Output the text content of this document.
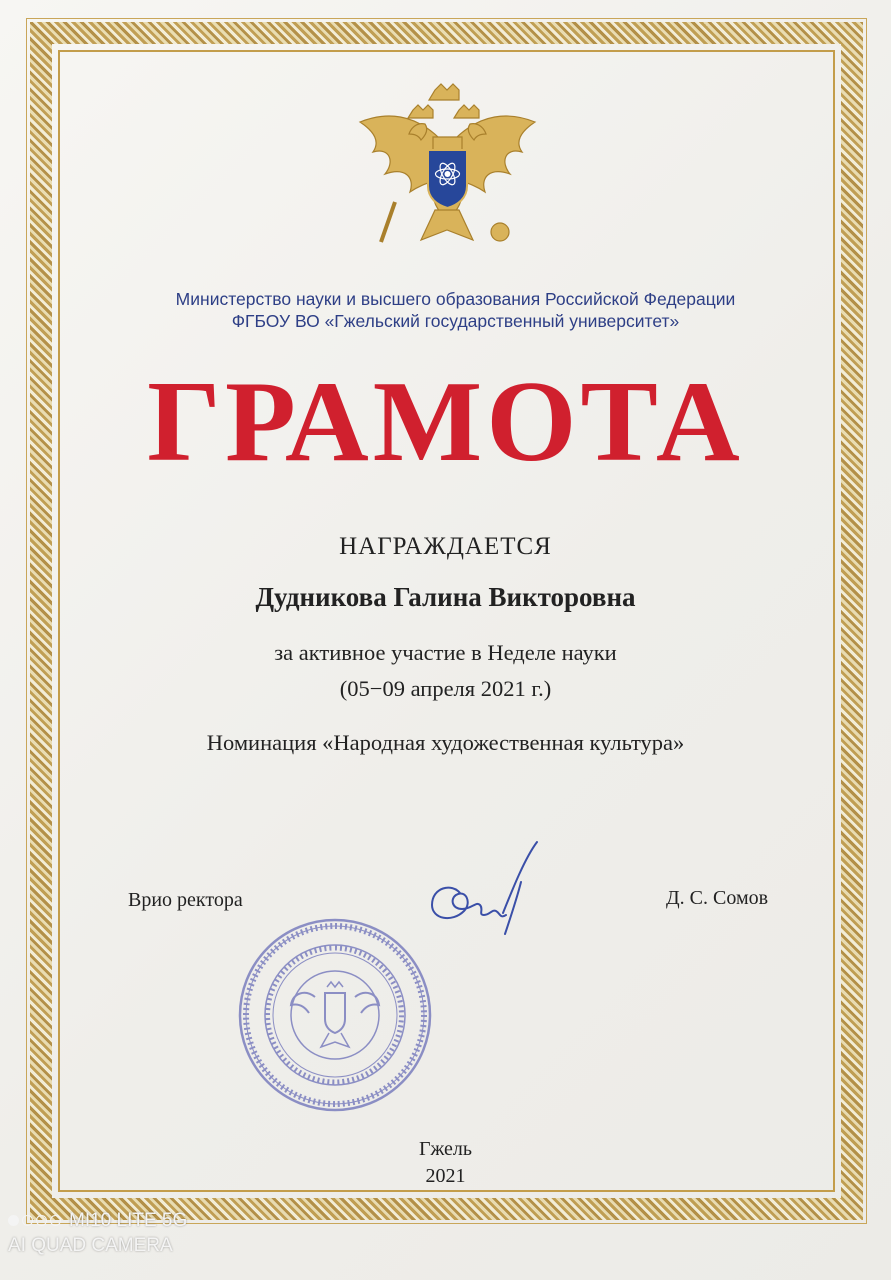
Министерство науки и высшего образования Российской Федерации
ФГБОУ ВО «Гжельский государственный университет»
ГРАМОТА
НАГРАЖДАЕТСЯ
Дудникова Галина Викторовна
за активное участие в Неделе науки
(05−09 апреля 2021 г.)
Номинация «Народная художественная культура»
Врио ректора	Д. С. Сомов
Гжель
2021
MI10 LITE 5G
AI QUAD CAMERA
